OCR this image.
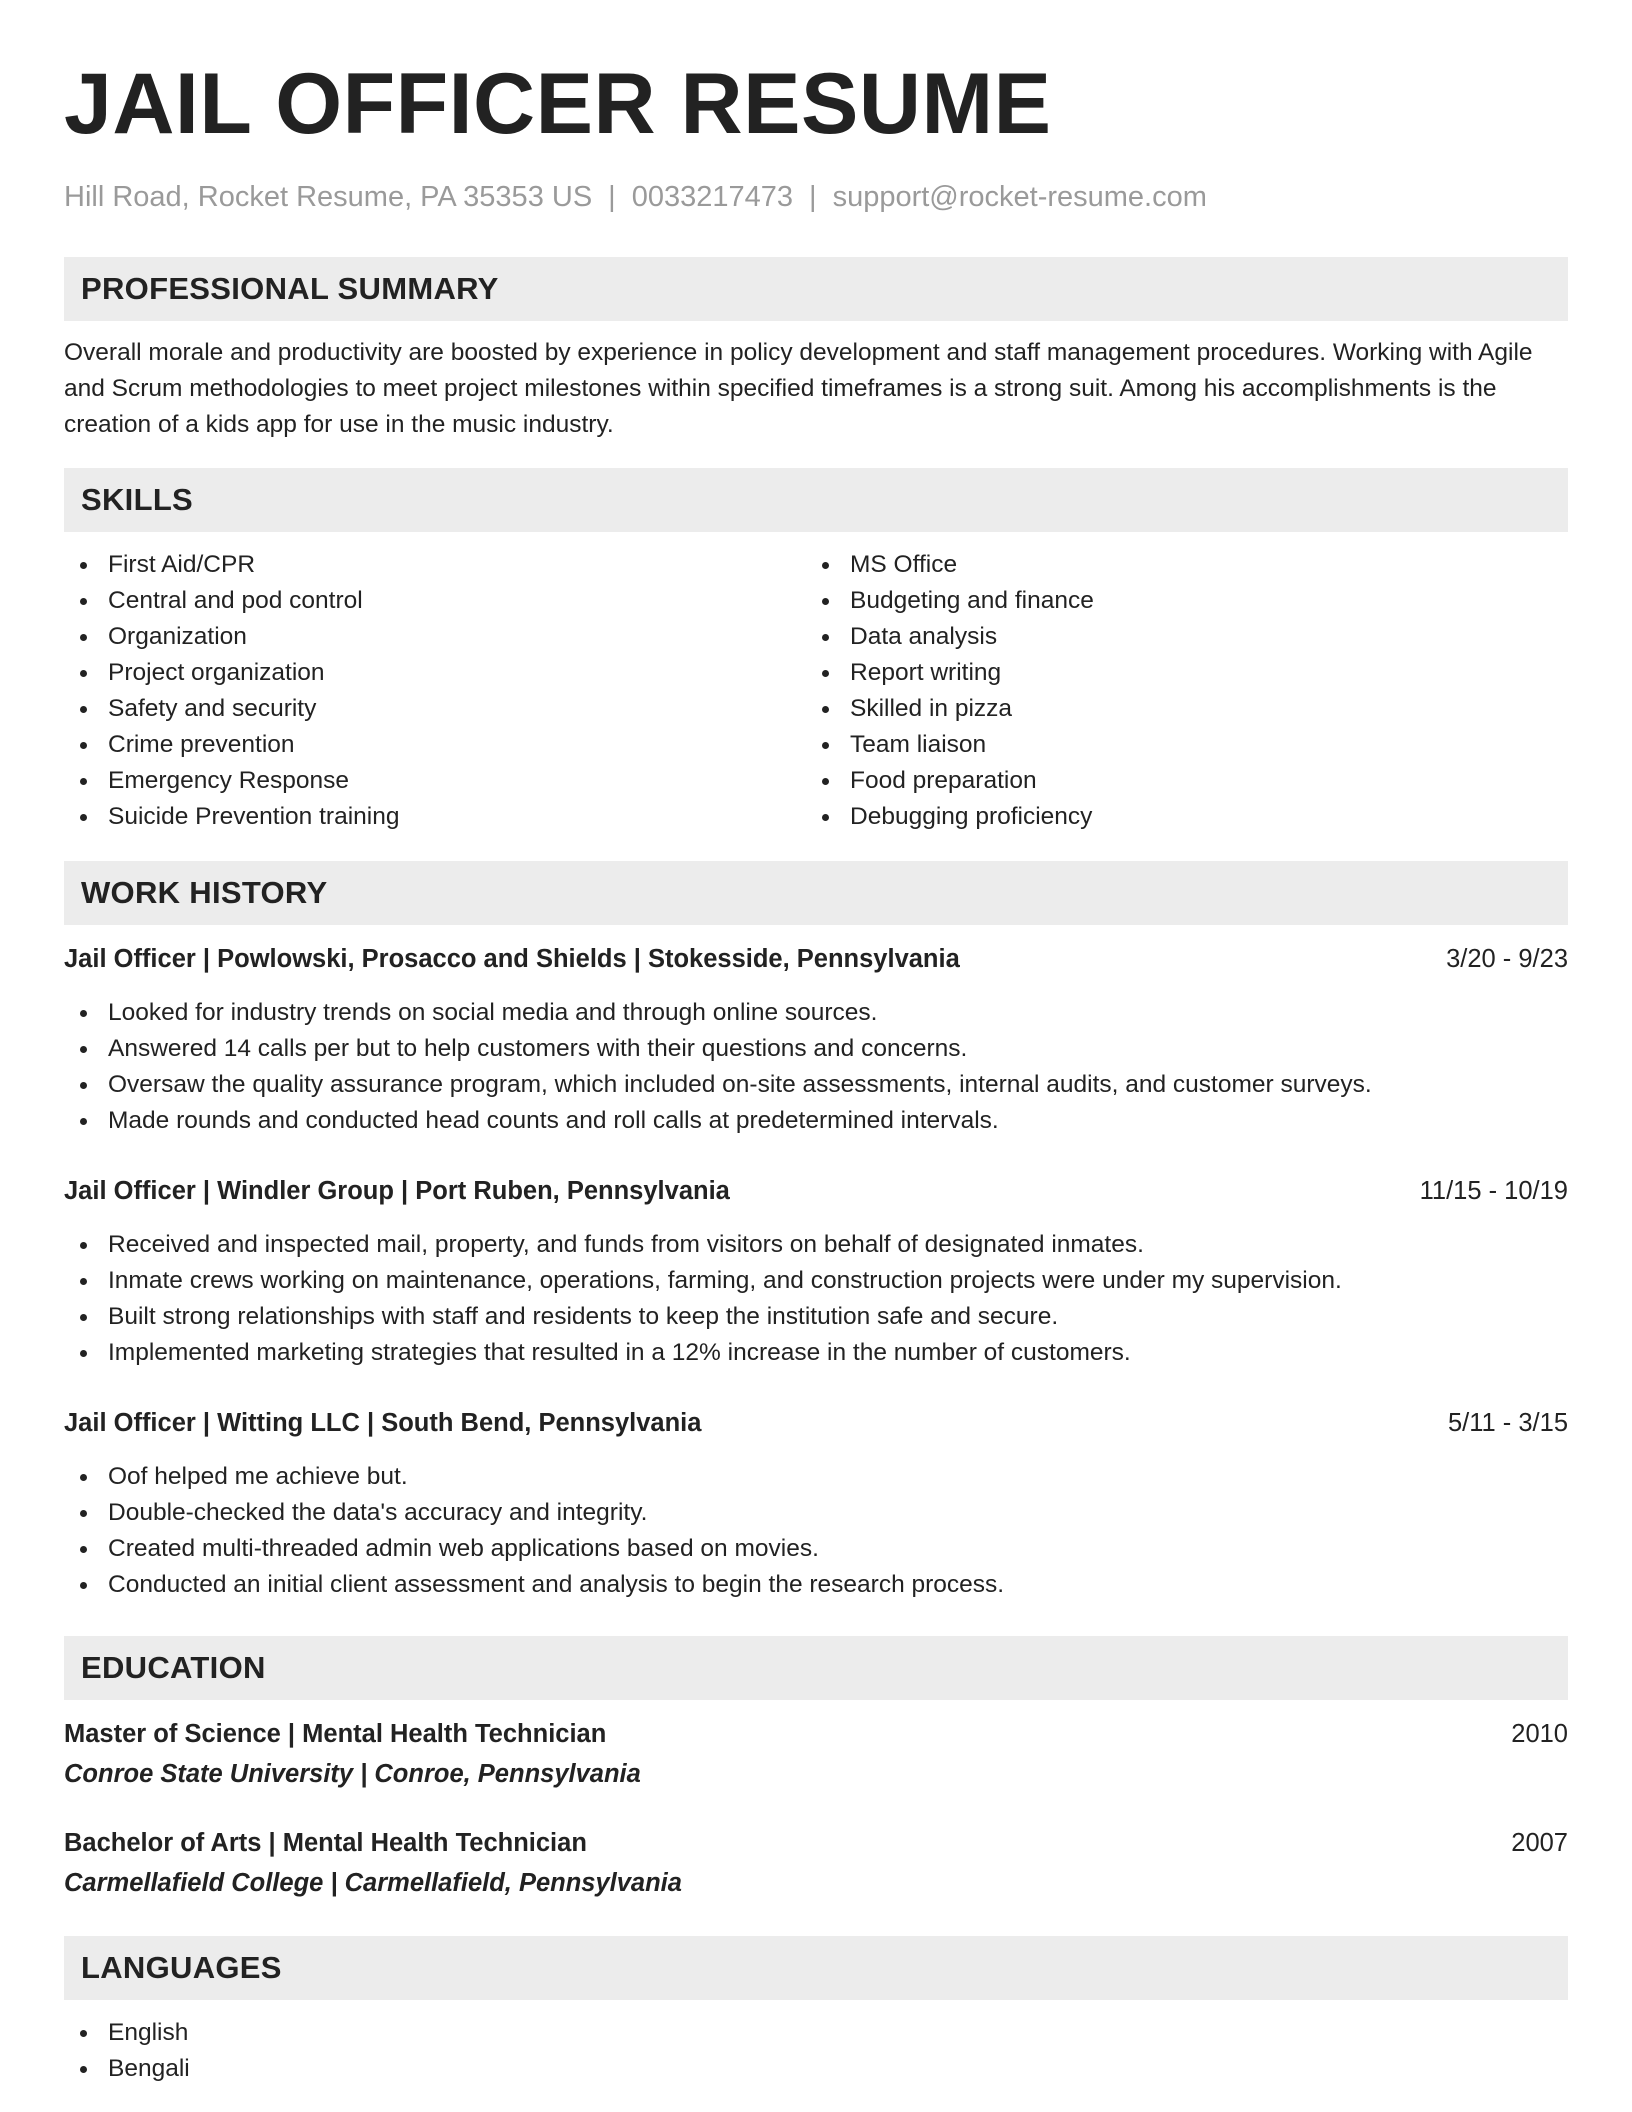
JAIL OFFICER RESUME
Hill Road, Rocket Resume, PA 35353 US | 0033217473 | support@rocket-resume.com
PROFESSIONAL SUMMARY

Overall morale and productivity are boosted by experience in policy development and staff management procedures. Working with Agile and Scrum methodologies to meet project milestones within specified timeframes is a strong suit. Among his accomplishments is the creation of a kids app for use in the music industry.

SKILLS
First Aid/CPR
Central and pod control
Organization
Project organization
Safety and security
Crime prevention
Emergency Response
Suicide Prevention training
MS Office
Budgeting and finance
Data analysis
Report writing
Skilled in pizza
Team liaison
Food preparation
Debugging proficiency
WORK HISTORY
Jail Officer | Powlowski, Prosacco and Shields | Stokesside, Pennsylvania	3/20 - 9/23
Looked for industry trends on social media and through online sources.
Answered 14 calls per but to help customers with their questions and concerns.
Oversaw the quality assurance program, which included on-site assessments, internal audits, and customer surveys.
Made rounds and conducted head counts and roll calls at predetermined intervals.
Jail Officer | Windler Group | Port Ruben, Pennsylvania	11/15 - 10/19
Received and inspected mail, property, and funds from visitors on behalf of designated inmates.
Inmate crews working on maintenance, operations, farming, and construction projects were under my supervision.
Built strong relationships with staff and residents to keep the institution safe and secure.
Implemented marketing strategies that resulted in a 12% increase in the number of customers.
Jail Officer | Witting LLC | South Bend, Pennsylvania	5/11 - 3/15
Oof helped me achieve but.
Double-checked the data's accuracy and integrity.
Created multi-threaded admin web applications based on movies.
Conducted an initial client assessment and analysis to begin the research process.
EDUCATION
Master of Science | Mental Health Technician	2010
Conroe State University | Conroe, Pennsylvania
Bachelor of Arts | Mental Health Technician	2007
Carmellafield College | Carmellafield, Pennsylvania
LANGUAGES
English
Bengali
